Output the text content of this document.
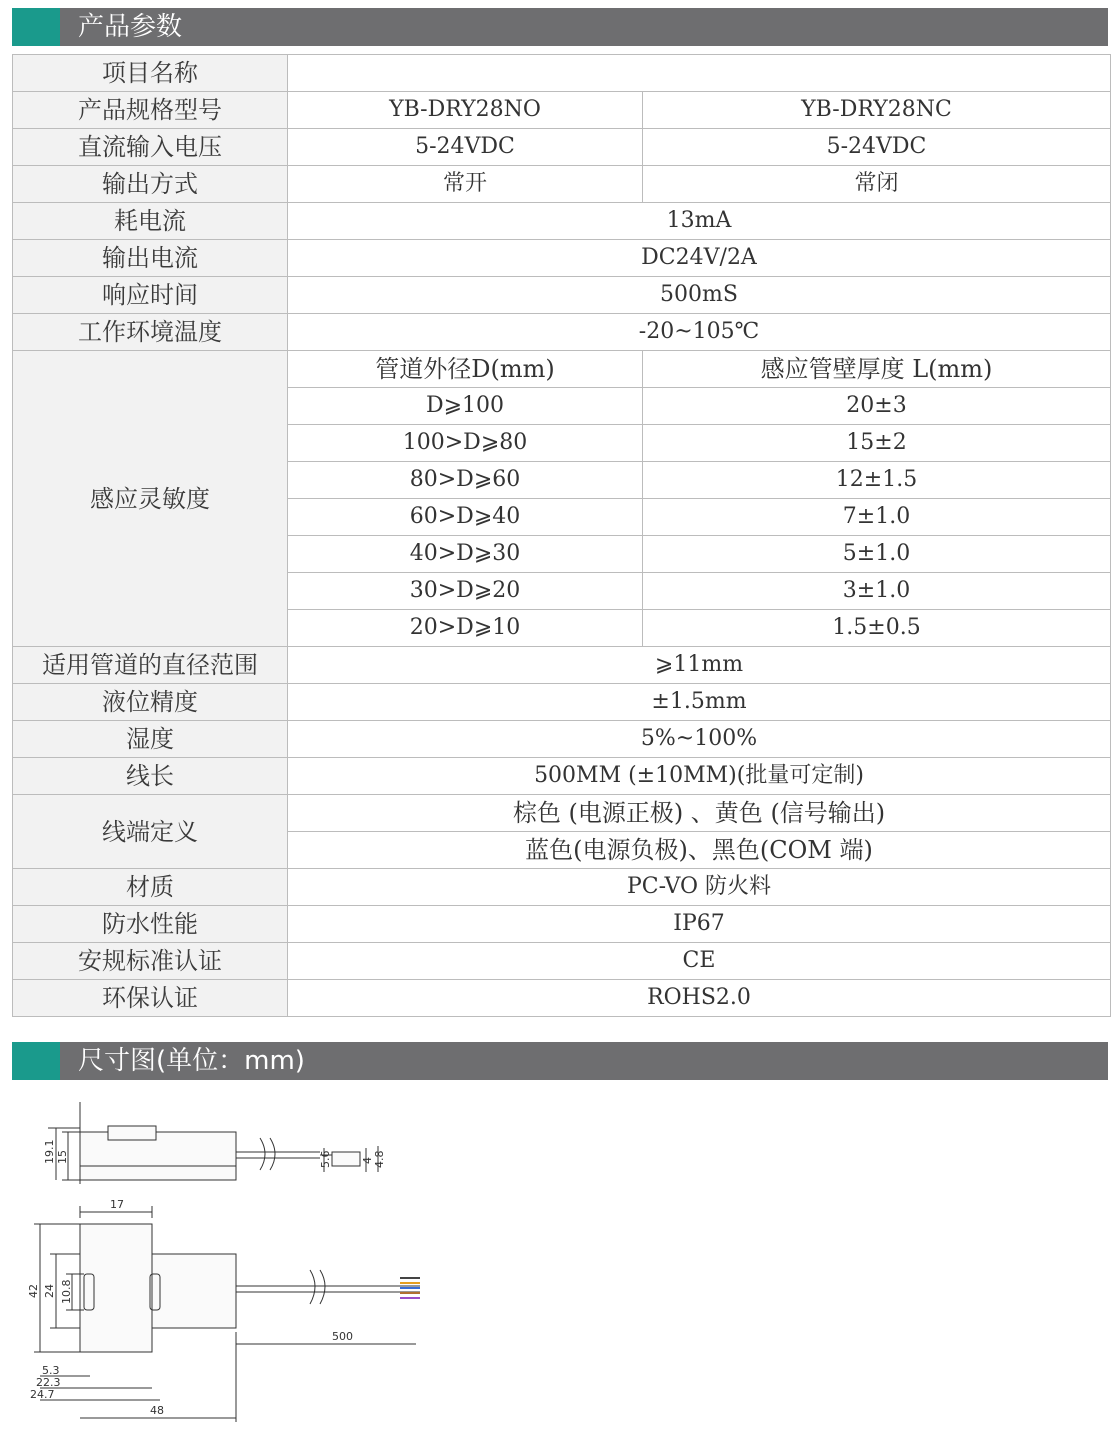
产品参数
项目名称		
产品规格型号	YB-DRY28NO	YB-DRY28NC
直流输入电压	5-24VDC	5-24VDC
输出方式	常开	常闭
耗电流	13mA	
输出电流	DC24V/2A	
响应时间	500mS	
工作环境温度	-20~105℃	
感应灵敏度	管道外径D(mm)	感应管壁厚度 L(mm)
	D⩾100	20±3
	100>D⩾80	15±2
	80>D⩾60	12±1.5
	60>D⩾40	7±1.0
	40>D⩾30	5±1.0
	30>D⩾20	3±1.0
	20>D⩾10	1.5±0.5
适用管道的直径范围	⩾11mm	
液位精度	±1.5mm	
湿度	5%~100%	
线长	500MM (±10MM)(批量可定制)	
线端定义	棕色 (电源正极) 、黄色 (信号输出)	
	蓝色(电源负极)、黑色(COM 端)	
材质	PC-VO 防火料	
防水性能	IP67	
安规标准认证	CE	
环保认证	ROHS2.0	
尺寸图(单位：mm)
19.1 15	5.6	4 4.8
17
42 24 10.8
500
5.3
22.3
24.7
48
